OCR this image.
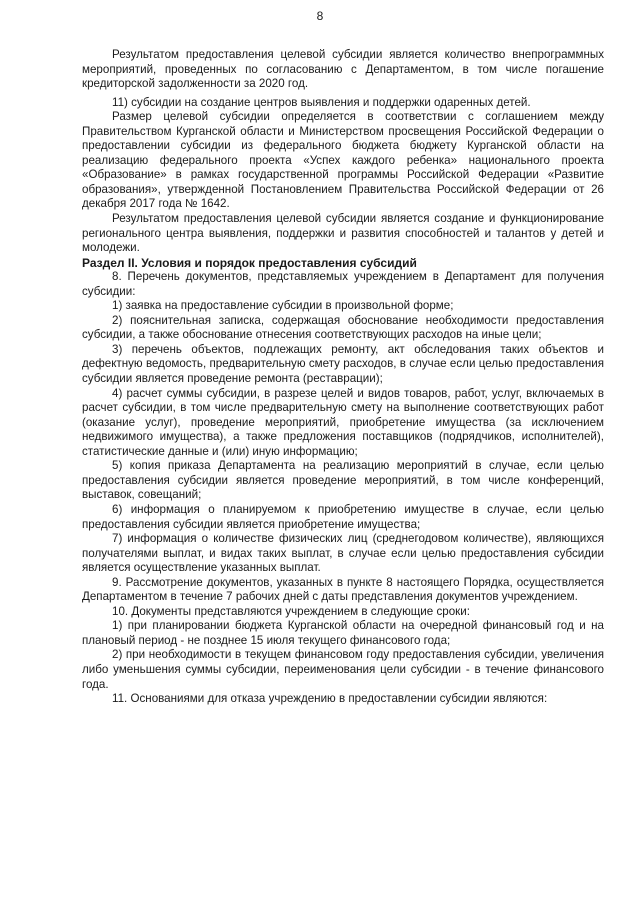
8

Результатом предоставления целевой субсидии является количество внепрограммных мероприятий, проведенных по согласованию с Департаментом, в том числе погашение кредиторской задолженности за 2020 год.

11) субсидии на создание центров выявления и поддержки одаренных детей.

Размер целевой субсидии определяется в соответствии с соглашением между Правительством Курганской области и Министерством просвещения Российской Федерации о предоставлении субсидии из федерального бюджета бюджету Курганской области на реализацию федерального проекта «Успех каждого ребенка» национального проекта «Образование» в рамках государственной программы Российской Федерации «Развитие образования», утвержденной Постановлением Правительства Российской Федерации от 26 декабря 2017 года № 1642.

Результатом предоставления целевой субсидии является создание и функционирование регионального центра выявления, поддержки и развития способностей и талантов у детей и молодежи.

Раздел II. Условия и порядок предоставления субсидий

8. Перечень документов, представляемых учреждением в Департамент для получения субсидии:

1) заявка на предоставление субсидии в произвольной форме;

2) пояснительная записка, содержащая обоснование необходимости предоставления субсидии, а также обоснование отнесения соответствующих расходов на иные цели;

3) перечень объектов, подлежащих ремонту, акт обследования таких объектов и дефектную ведомость, предварительную смету расходов, в случае если целью предоставления субсидии является проведение ремонта (реставрации);

4) расчет суммы субсидии, в разрезе целей и видов товаров, работ, услуг, включаемых в расчет субсидии, в том числе предварительную смету на выполнение соответствующих работ (оказание услуг), проведение мероприятий, приобретение имущества (за исключением недвижимого имущества), а также предложения поставщиков (подрядчиков, исполнителей), статистические данные и (или) иную информацию;

5) копия приказа Департамента на реализацию мероприятий в случае, если целью предоставления субсидии является проведение мероприятий, в том числе конференций, выставок, совещаний;

6) информация о планируемом к приобретению имуществе в случае, если целью предоставления субсидии является приобретение имущества;

7) информация о количестве физических лиц (среднегодовом количестве), являющихся получателями выплат, и видах таких выплат, в случае если целью предоставления субсидии является осуществление указанных выплат.

9. Рассмотрение документов, указанных в пункте 8 настоящего Порядка, осуществляется Департаментом в течение 7 рабочих дней с даты представления документов учреждением.

10. Документы представляются учреждением в следующие сроки:

1) при планировании бюджета Курганской области на очередной финансовый год и на плановый период - не позднее 15 июля текущего финансового года;

2) при необходимости в текущем финансовом году предоставления субсидии, увеличения либо уменьшения суммы субсидии, переименования цели субсидии - в течение финансового года.

11. Основаниями для отказа учреждению в предоставлении субсидии являются:
